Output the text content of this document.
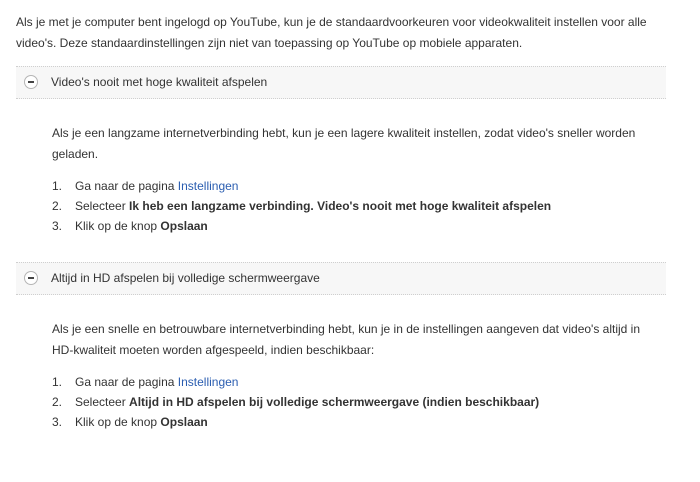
Als je met je computer bent ingelogd op YouTube, kun je de standaardvoorkeuren voor videokwaliteit instellen voor alle video's. Deze standaardinstellingen zijn niet van toepassing op YouTube op mobiele apparaten.

Video's nooit met hoge kwaliteit afspelen

Als je een langzame internetverbinding hebt, kun je een lagere kwaliteit instellen, zodat video's sneller worden geladen.

1. Ga naar de pagina Instellingen
2. Selecteer Ik heb een langzame verbinding. Video's nooit met hoge kwaliteit afspelen
3. Klik op de knop Opslaan
Altijd in HD afspelen bij volledige schermweergave

Als je een snelle en betrouwbare internetverbinding hebt, kun je in de instellingen aangeven dat video's altijd in HD-kwaliteit moeten worden afgespeeld, indien beschikbaar:

1. Ga naar de pagina Instellingen
2. Selecteer Altijd in HD afspelen bij volledige schermweergave (indien beschikbaar)
3. Klik op de knop Opslaan
